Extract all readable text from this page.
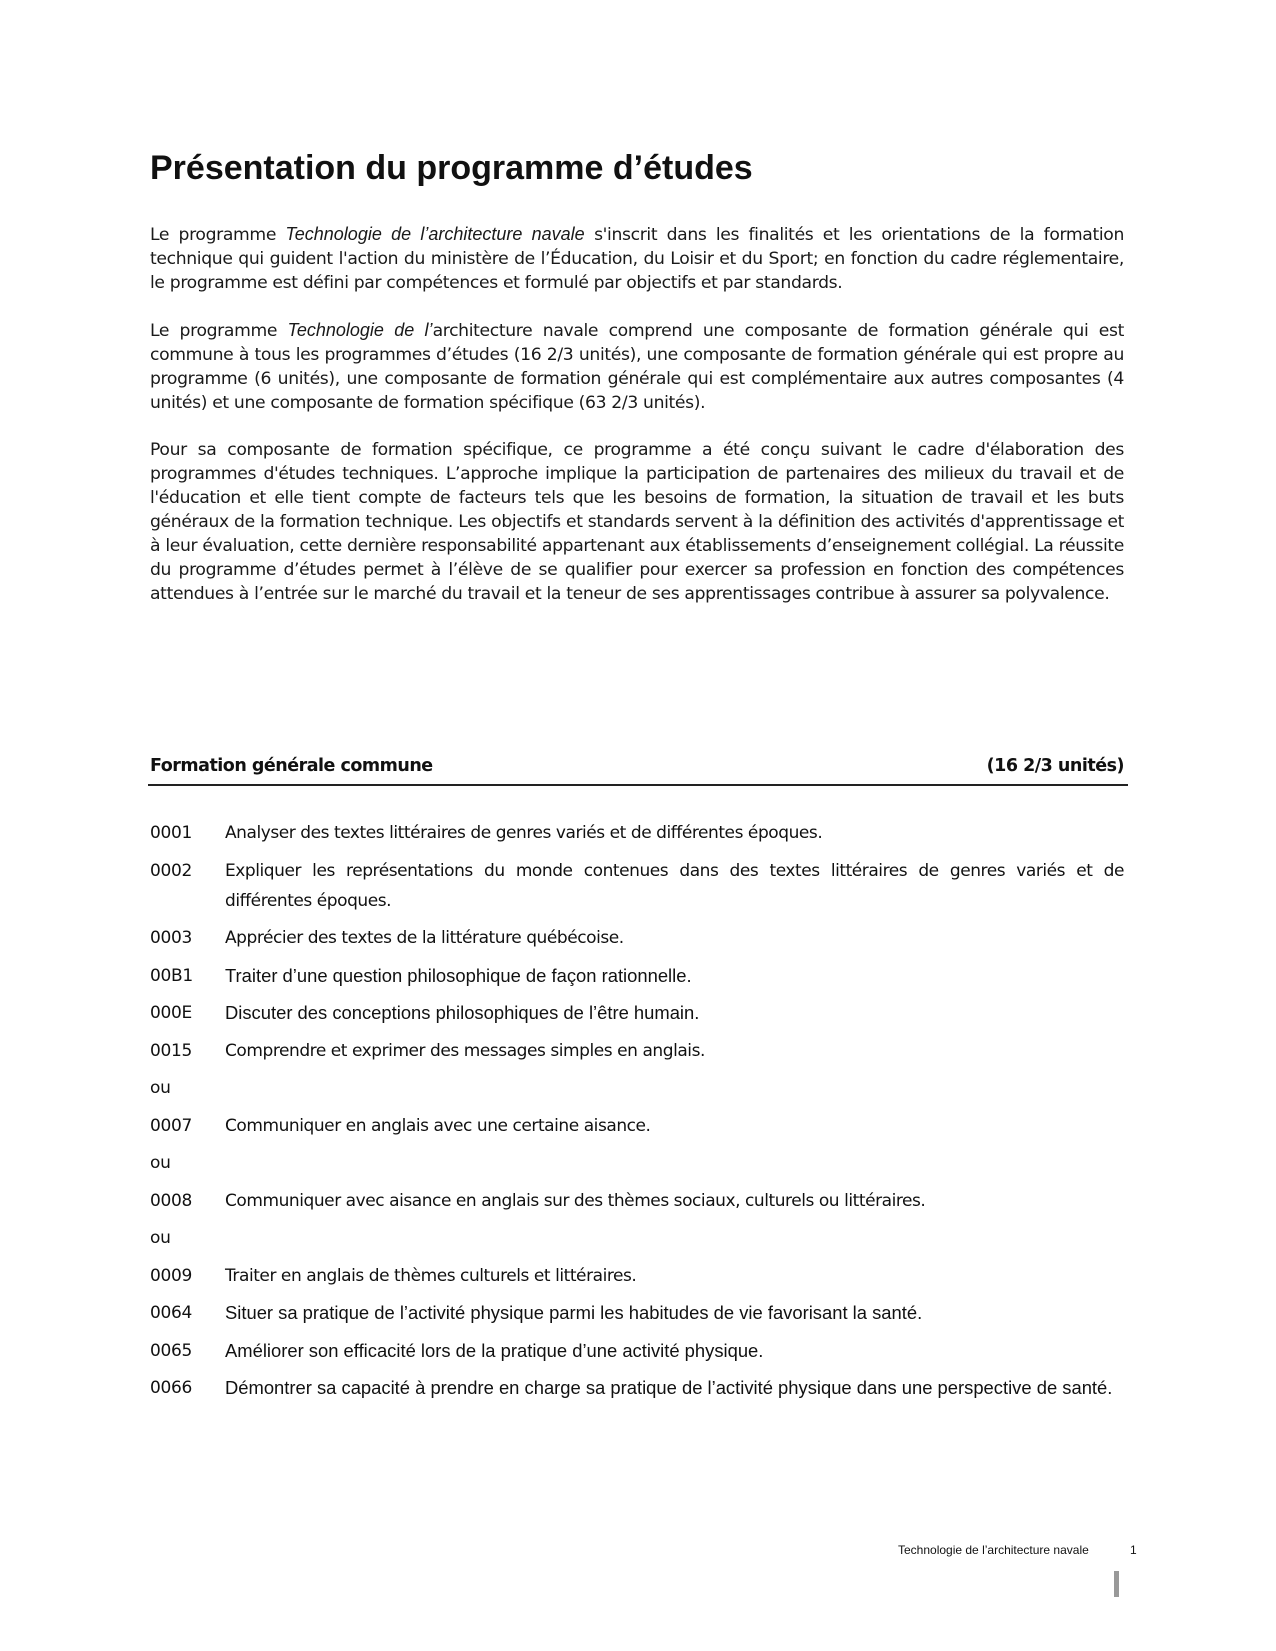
Présentation du programme d’études

Le programme Technologie de l’architecture navale s'inscrit dans les finalités et les orientations de la formation technique qui guident l'action du ministère de l’Éducation, du Loisir et du Sport; en fonction du cadre réglementaire, le programme est défini par compétences et formulé par objectifs et par standards.

Le programme Technologie de l’architecture navale comprend une composante de formation générale qui est commune à tous les programmes d’études (16 2/3 unités), une composante de formation générale qui est propre au programme (6 unités), une composante de formation générale qui est complémentaire aux autres composantes (4 unités) et une composante de formation spécifique (63 2/3 unités).

Pour sa composante de formation spécifique, ce programme a été conçu suivant le cadre d'élaboration des programmes d'études techniques. L’approche implique la participation de partenaires des milieux du travail et de l'éducation et elle tient compte de facteurs tels que les besoins de formation, la situation de travail et les buts généraux de la formation technique. Les objectifs et standards servent à la définition des activités d'apprentissage et à leur évaluation, cette dernière responsabilité appartenant aux établissements d’enseignement collégial. La réussite du programme d’études permet à l’élève de se qualifier pour exercer sa profession en fonction des compétences attendues à l’entrée sur le marché du travail et la teneur de ses apprentissages contribue à assurer sa polyvalence.

Formation générale commune	(16 2/3 unités)
0001	Analyser des textes littéraires de genres variés et de différentes époques.
0002	Expliquer les représentations du monde contenues dans des textes littéraires de genres variés et de différentes époques.
0003	Apprécier des textes de la littérature québécoise.
00B1	Traiter d’une question philosophique de façon rationnelle.
000E	Discuter des conceptions philosophiques de l’être humain.
0015	Comprendre et exprimer des messages simples en anglais.
ou
0007	Communiquer en anglais avec une certaine aisance.
ou
0008	Communiquer avec aisance en anglais sur des thèmes sociaux, culturels ou littéraires.
ou
0009	Traiter en anglais de thèmes culturels et littéraires.
0064	Situer sa pratique de l’activité physique parmi les habitudes de vie favorisant la santé.
0065	Améliorer son efficacité lors de la pratique d’une activité physique.
0066	Démontrer sa capacité à prendre en charge sa pratique de l’activité physique dans une perspective de santé.
Technologie de l’architecture navale	1
